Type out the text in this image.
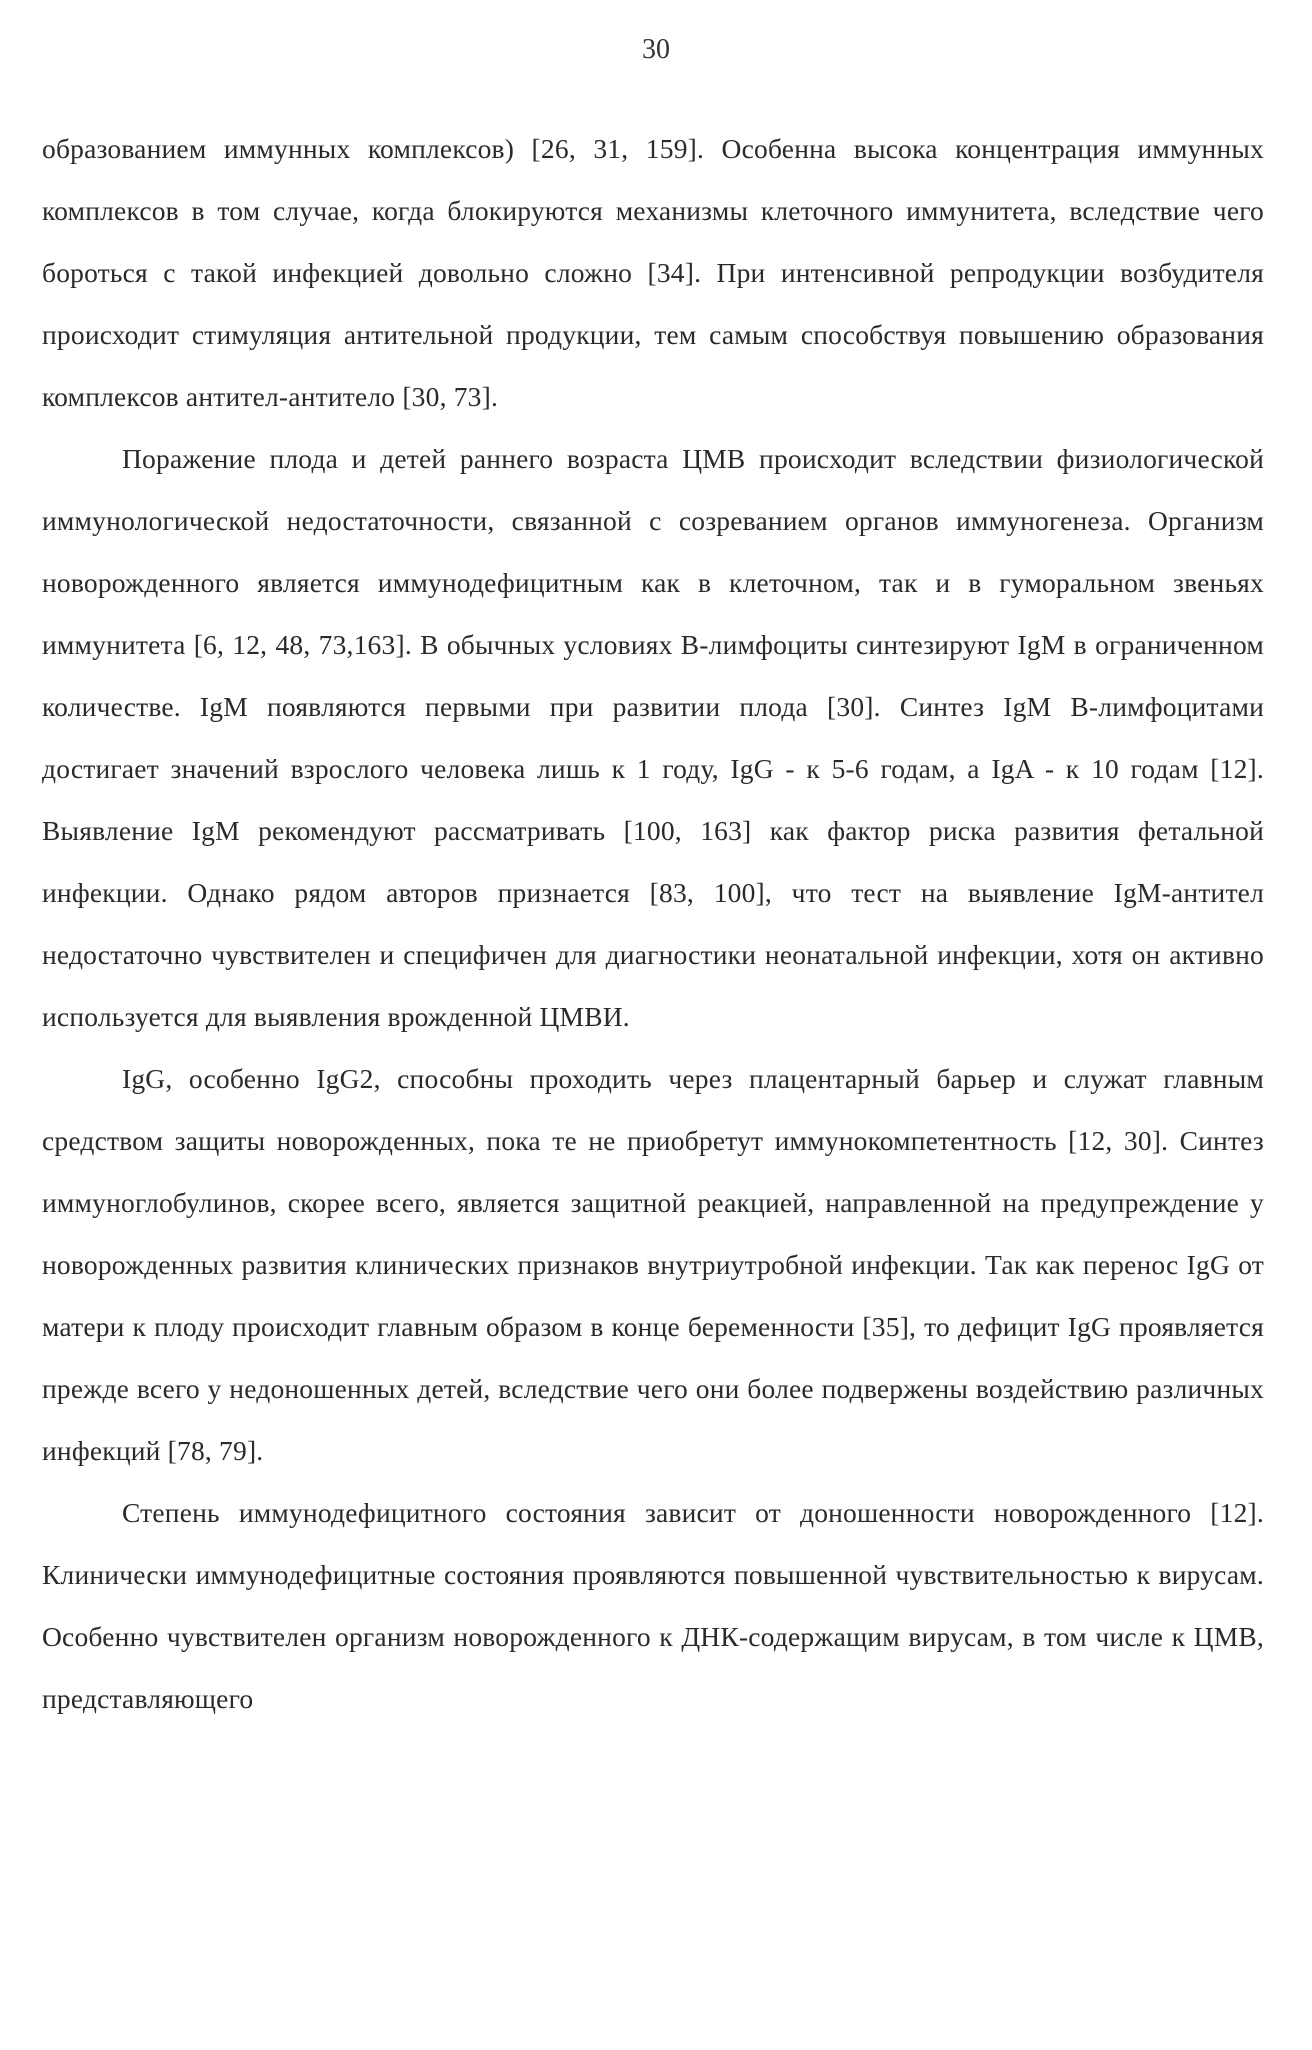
30

образованием иммунных комплексов) [26, 31, 159]. Особенна высока концентрация иммунных комплексов в том случае, когда блокируются механизмы клеточного иммунитета, вследствие чего бороться с такой инфекцией довольно сложно [34]. При интенсивной репродукции возбудителя происходит стимуляция антительной продукции, тем самым способствуя повышению образования комплексов антител-антитело [30, 73].

Поражение плода и детей раннего возраста ЦМВ происходит вследствии физиологической иммунологической недостаточности, связанной с созреванием органов иммуногенеза. Организм новорожденного является иммунодефицитным как в клеточном, так и в гуморальном звеньях иммунитета [6, 12, 48, 73,163]. В обычных условиях В-лимфоциты синтезируют IgM в ограниченном количестве. IgM появляются первыми при развитии плода [30]. Синтез IgM В-лимфоцитами достигает значений взрослого человека лишь к 1 году, IgG - к 5-6 годам, а IgA - к 10 годам [12]. Выявление IgM рекомендуют рассматривать [100, 163] как фактор риска развития фетальной инфекции. Однако рядом авторов признается [83, 100], что тест на выявление IgM-антител недостаточно чувствителен и специфичен для диагностики неонатальной инфекции, хотя он активно используется для выявления врожденной ЦМВИ.

IgG, особенно IgG2, способны проходить через плацентарный барьер и служат главным средством защиты новорожденных, пока те не приобретут иммунокомпетентность [12, 30]. Синтез иммуноглобулинов, скорее всего, является защитной реакцией, направленной на предупреждение у новорожденных развития клинических признаков внутриутробной инфекции. Так как перенос IgG от матери к плоду происходит главным образом в конце беременности [35], то дефицит IgG проявляется прежде всего у недоношенных детей, вследствие чего они более подвержены воздействию различных инфекций [78, 79].

Степень иммунодефицитного состояния зависит от доношенности новорожденного [12]. Клинически иммунодефицитные состояния проявляются повышенной чувствительностью к вирусам. Особенно чувствителен организм новорожденного к ДНК-содержащим вирусам, в том числе к ЦМВ, представляющего
